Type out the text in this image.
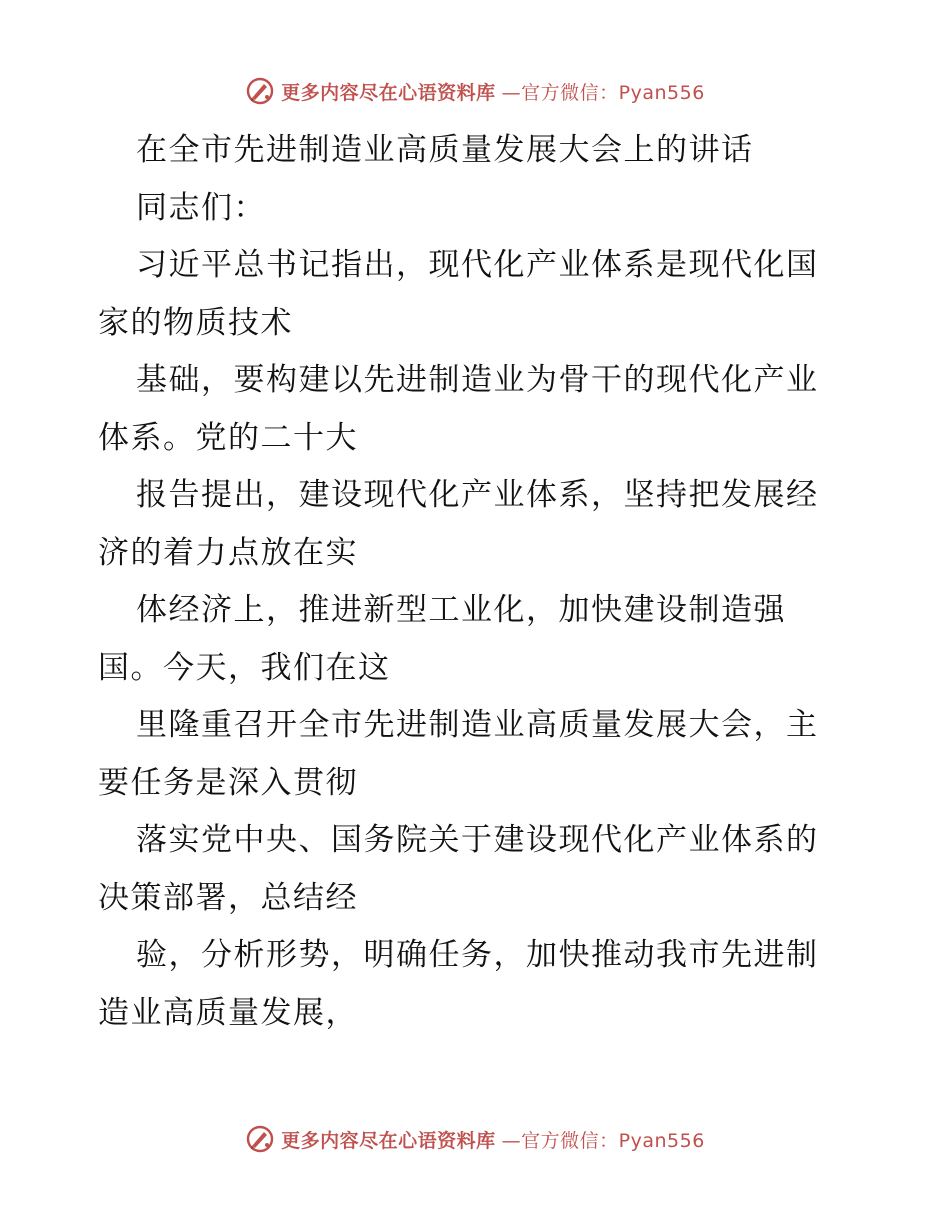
更多内容尽在心语资料库 —官方微信：Pyan556
在全市先进制造业高质量发展大会上的讲话
同志们：
习近平总书记指出，现代化产业体系是现代化国
家的物质技术
基础，要构建以先进制造业为骨干的现代化产业
体系。党的二十大
报告提出，建设现代化产业体系，坚持把发展经
济的着力点放在实
体经济上，推进新型工业化，加快建设制造强
国。今天，我们在这
里隆重召开全市先进制造业高质量发展大会，主
要任务是深入贯彻
落实党中央、国务院关于建设现代化产业体系的
决策部署，总结经
验，分析形势，明确任务，加快推动我市先进制
造业高质量发展，
更多内容尽在心语资料库 —官方微信：Pyan556
